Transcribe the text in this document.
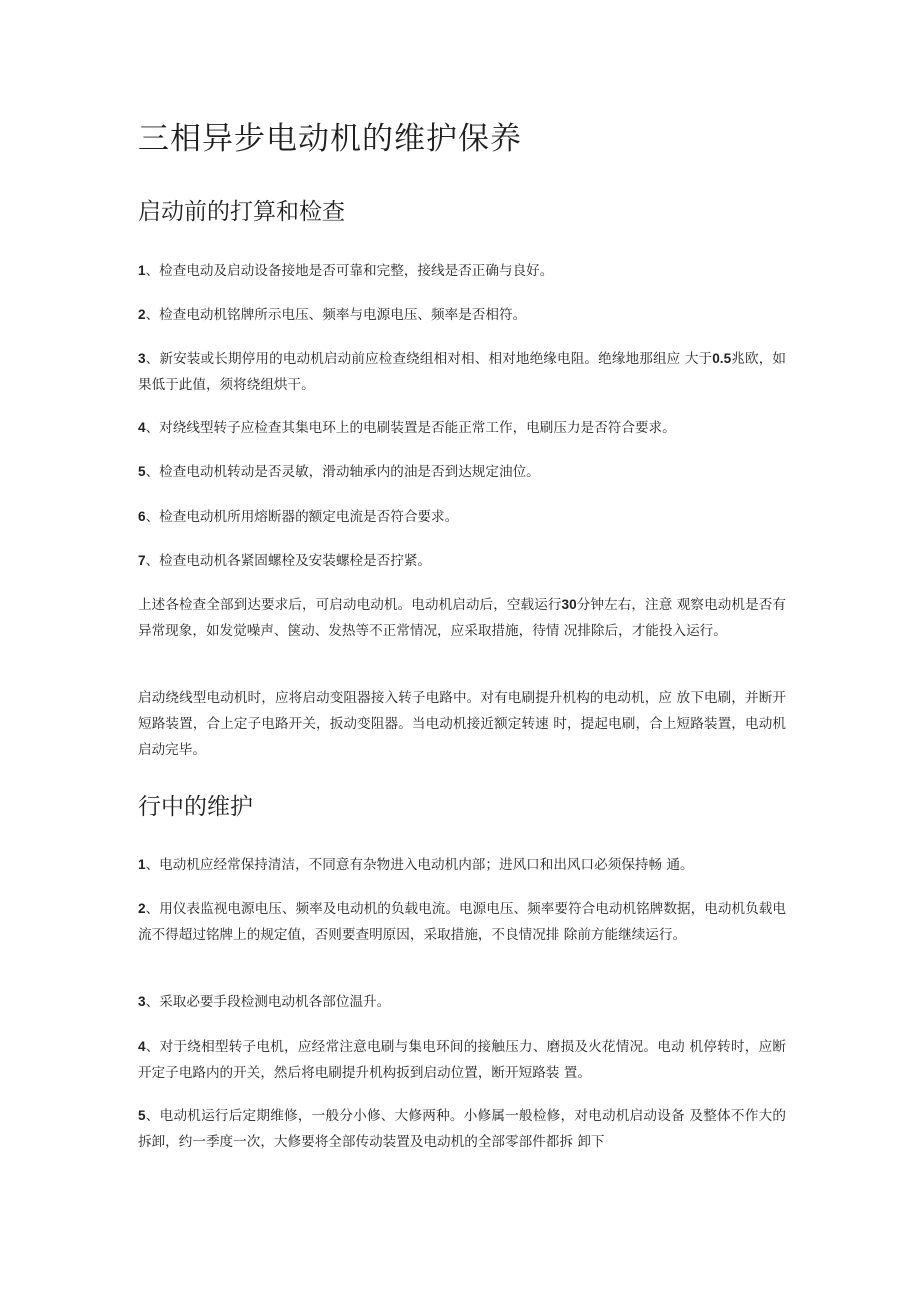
三相异步电动机的维护保养
启动前的打算和检查
1、检查电动及启动设备接地是否可靠和完整，接线是否正确与良好。
2、检查电动机铭牌所示电压、频率与电源电压、频率是否相符。
3、新安装或长期停用的电动机启动前应检查绕组相对相、相对地绝缘电阻。绝缘地那组应 大于0.5兆欧，如果低于此值，须将绕组烘干。
4、对绕线型转子应检查其集电环上的电刷装置是否能正常工作，电刷压力是否符合要求。
5、检查电动机转动是否灵敏，滑动轴承内的油是否到达规定油位。
6、检查电动机所用熔断器的额定电流是否符合要求。
7、检查电动机各紧固螺栓及安装螺栓是否拧紧。
上述各检查全部到达要求后，可启动电动机。电动机启动后，空载运行30分钟左右，注意 观察电动机是否有异常现象，如发觉噪声、箧动、发热等不正常情况，应采取措施，待情 况排除后，才能投入运行。
启动绕线型电动机时，应将启动变阻器接入转子电路中。对有电刷提升机构的电动机，应 放下电刷，并断开短路装置，合上定子电路开关，扳动变阻器。当电动机接近额定转速 时，提起电刷，合上短路装置，电动机启动完毕。
行中的维护
1、电动机应经常保持清洁，不同意有杂物进入电动机内部；进风口和出风口必须保持畅 通。
2、用仪表监视电源电压、频率及电动机的负载电流。电源电压、频率要符合电动机铭牌数据，电动机负载电流不得超过铭牌上的规定值，否则要查明原因，采取措施，不良情况排 除前方能继续运行。
3、采取必要手段检测电动机各部位温升。
4、对于绕相型转子电机，应经常注意电刷与集电环间的接触压力、磨损及火花情况。电动 机停转时，应断开定子电路内的开关，然后将电刷提升机构扳到启动位置，断开短路装 置。
5、电动机运行后定期维修，一般分小修、大修两种。小修属一般检修，对电动机启动设备 及整体不作大的拆卸，约一季度一次，大修要将全部传动装置及电动机的全部零部件都拆 卸下
